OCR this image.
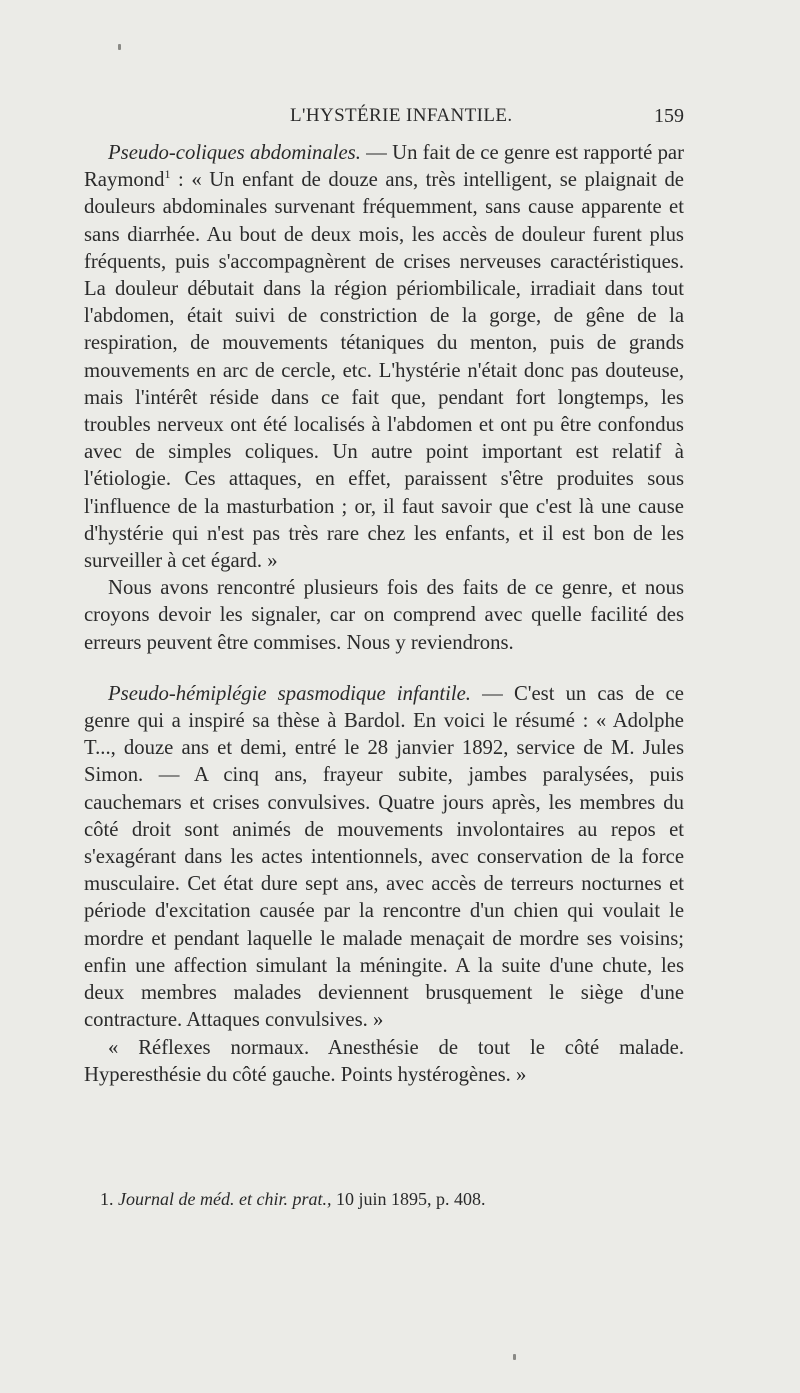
L'HYSTÉRIE INFANTILE.	159

Pseudo-coliques abdominales. — Un fait de ce genre est rapporté par Raymond$^1$ : « Un enfant de douze ans, très intelligent, se plaignait de douleurs abdominales survenant fréquemment, sans cause apparente et sans diarrhée. Au bout de deux mois, les accès de douleur furent plus fréquents, puis s'accompagnèrent de crises nerveuses caractéristiques. La douleur débutait dans la région périombilicale, irradiait dans tout l'abdomen, était suivi de constriction de la gorge, de gêne de la respiration, de mouvements tétaniques du menton, puis de grands mouvements en arc de cercle, etc. L'hystérie n'était donc pas douteuse, mais l'intérêt réside dans ce fait que, pendant fort longtemps, les troubles nerveux ont été localisés à l'abdomen et ont pu être confondus avec de simples coliques. Un autre point important est relatif à l'étiologie. Ces attaques, en effet, paraissent s'être produites sous l'influence de la masturbation ; or, il faut savoir que c'est là une cause d'hystérie qui n'est pas très rare chez les enfants, et il est bon de les surveiller à cet égard. »

Nous avons rencontré plusieurs fois des faits de ce genre, et nous croyons devoir les signaler, car on comprend avec quelle facilité des erreurs peuvent être commises. Nous y reviendrons.

Pseudo-hémiplégie spasmodique infantile. — C'est un cas de ce genre qui a inspiré sa thèse à Bardol. En voici le résumé : « Adolphe T..., douze ans et demi, entré le 28 janvier 1892, service de M. Jules Simon. — A cinq ans, frayeur subite, jambes paralysées, puis cauchemars et crises convulsives. Quatre jours après, les membres du côté droit sont animés de mouvements involontaires au repos et s'exagérant dans les actes intentionnels, avec conservation de la force musculaire. Cet état dure sept ans, avec accès de terreurs nocturnes et période d'excitation causée par la rencontre d'un chien qui voulait le mordre et pendant laquelle le malade menaçait de mordre ses voisins; enfin une affection simulant la méningite. A la suite d'une chute, les deux membres malades deviennent brusquement le siège d'une contracture. Attaques convulsives. »

« Réflexes normaux. Anesthésie de tout le côté malade. Hyperesthésie du côté gauche. Points hystérogènes. »

1. Journal de méd. et chir. prat., 10 juin 1895, p. 408.
